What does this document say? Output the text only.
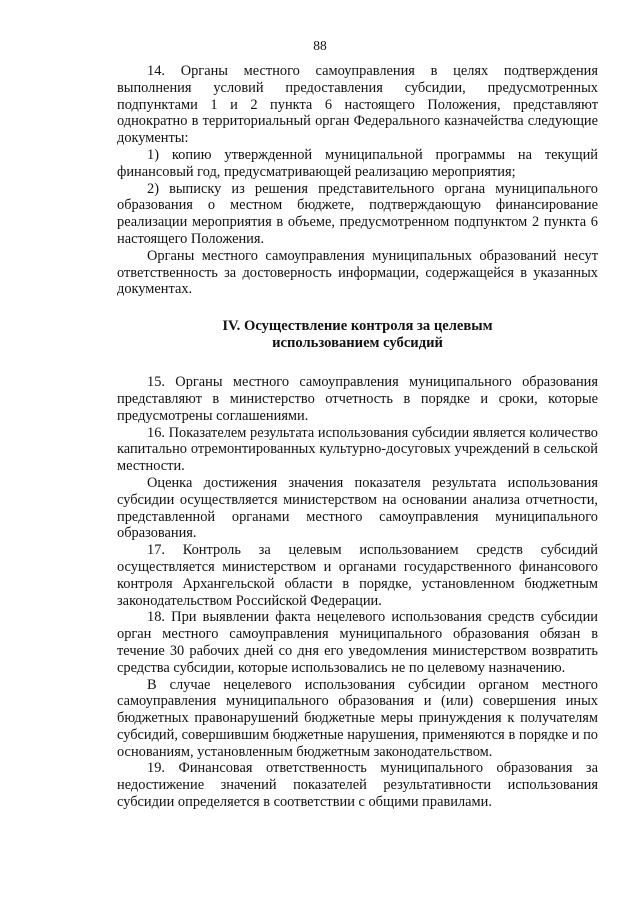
88

14. Органы местного самоуправления в целях подтверждения выполнения условий предоставления субсидии, предусмотренных подпунктами 1 и 2 пункта 6 настоящего Положения, представляют однократно в территориальный орган Федерального казначейства следующие документы:

1) копию утвержденной муниципальной программы на текущий финансовый год, предусматривающей реализацию мероприятия;

2) выписку из решения представительного органа муниципального образования о местном бюджете, подтверждающую финансирование реализации мероприятия в объеме, предусмотренном подпунктом 2 пункта 6 настоящего Положения.

Органы местного самоуправления муниципальных образований несут ответственность за достоверность информации, содержащейся в указанных документах.

IV. Осуществление контроля за целевым
использованием субсидий

15. Органы местного самоуправления муниципального образования представляют в министерство отчетность в порядке и сроки, которые предусмотрены соглашениями.

16. Показателем результата использования субсидии является количество капитально отремонтированных культурно-досуговых учреждений в сельской местности.

Оценка достижения значения показателя результата использования субсидии осуществляется министерством на основании анализа отчетности, представленной органами местного самоуправления муниципального образования.

17. Контроль за целевым использованием средств субсидий осуществляется министерством и органами государственного финансового контроля Архангельской области в порядке, установленном бюджетным законодательством Российской Федерации.

18. При выявлении факта нецелевого использования средств субсидии орган местного самоуправления муниципального образования обязан в течение 30 рабочих дней со дня его уведомления министерством возвратить средства субсидии, которые использовались не по целевому назначению.

В случае нецелевого использования субсидии органом местного самоуправления муниципального образования и (или) совершения иных бюджетных правонарушений бюджетные меры принуждения к получателям субсидий, совершившим бюджетные нарушения, применяются в порядке и по основаниям, установленным бюджетным законодательством.

19. Финансовая ответственность муниципального образования за недостижение значений показателей результативности использования субсидии определяется в соответствии с общими правилами.
